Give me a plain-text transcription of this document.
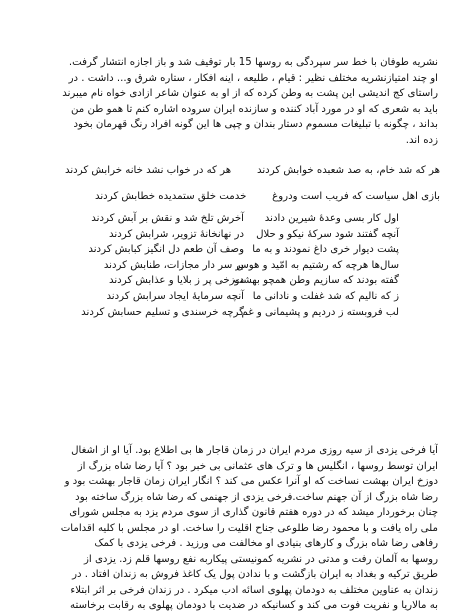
نشریه طوفان با خط سر سپردگی به روسها 15 بار توقیف شد و باز اجازه انتشار گرفت.
او چند امتیازنشریه مختلف نظیر : قیام ، طلیعه ، اینه افکار ، ستاره شرق و... داشت . در
راستای کج اندیشی این پشت به وطن کرده که از او به عنوان شاعر ازادی خواه نام میبرند
باید به شعری که او در مورد آباد کننده و سازنده ایران سروده اشاره کنم تا همو طن من
بداند ، چگونه با تبلیغات مسموم دستار بندان و چپی ها این گونه افراد رنگ قهرمان بخود
زده اند.
هر که شد خام، به صد شعبده خوابش کردند
هر که در خواب نشد خانه خرابش کردند
بازی اهل سیاست که فریب است ودروغ
خدمت خلق ستمدیده خطابش کردند
اول کار بسی وعدهٔ شیرین دادند
آنچه گفتند شود سرکهٔ نیکو و حلال
پشت دیوار خری داغ نمودند و به ما
سال‌ها هرچه که رشتیم به امّید و هوس
گفته بودند که سازیم وطن همچو بهشت
ز که نالیم که شد غفلت و نادانی ما
لب فروبسته ز دردیم و پشیمانی و غم
آخرش تلخ شد و نقش بر آبش کردند
در نهانخانهٔ تزویر، شرابش کردند
وصف آن طعم دل انگیز کبابش کردند
بر سر دار مجازات، طنابش کردند
دوزخی پر ز بلایا و عذابش کردند
آنچه سرمایهٔ ایجاد سرابش کردند
گرچه خرسندی و تسلیم حسابش کردند
آیا فرخی یزدی از سیه روزی مردم ایران در زمان قاجار ها بی اطلاع بود. آیا او از اشغال
ایران توسط روسها ، انگلیس ها و ترک های عثمانی بی خبر بود ؟ آیا رضا شاه بزرگ از
دوزخ ایران بهشت نساخت که او آنرا عکس می کند ؟ انگار ایران زمان قاجار بهشت بود و
رضا شاه بزرگ از آن جهنم ساخت.فرخی یزدی از جهنمی که رضا شاه بزرگ ساخته بود
چنان برخوردار میشد که در دوره هفتم قانون گذاری از سوی مردم یزد به مجلس شورای
ملی راه یافت و با محمود رضا طلوعی جناح اقلیت را ساخت. او در مجلس با کلیه اقدامات
رفاهی رضا شاه بزرگ و کارهای بنیادی او مخالفت می ورزید . فرخی یزدی با کمک
روسها به آلمان رفت و مدتی در نشریه کمونیستی پیکاربه نفع روسها قلم زد. یزدی از
طریق ترکیه و بغداد به ایران بازگشت و با ندادن پول یک کاغذ فروش به زندان افتاد . در
زندان به عناوین مختلف به دودمان پهلوی اسائه ادب میکرد . در زندان فرخی بر اثر ابتلاء
به مالاریا و نفریت فوت می کند و کسانیکه در ضدیت با دودمان پهلوی به رقابت برخاسته
